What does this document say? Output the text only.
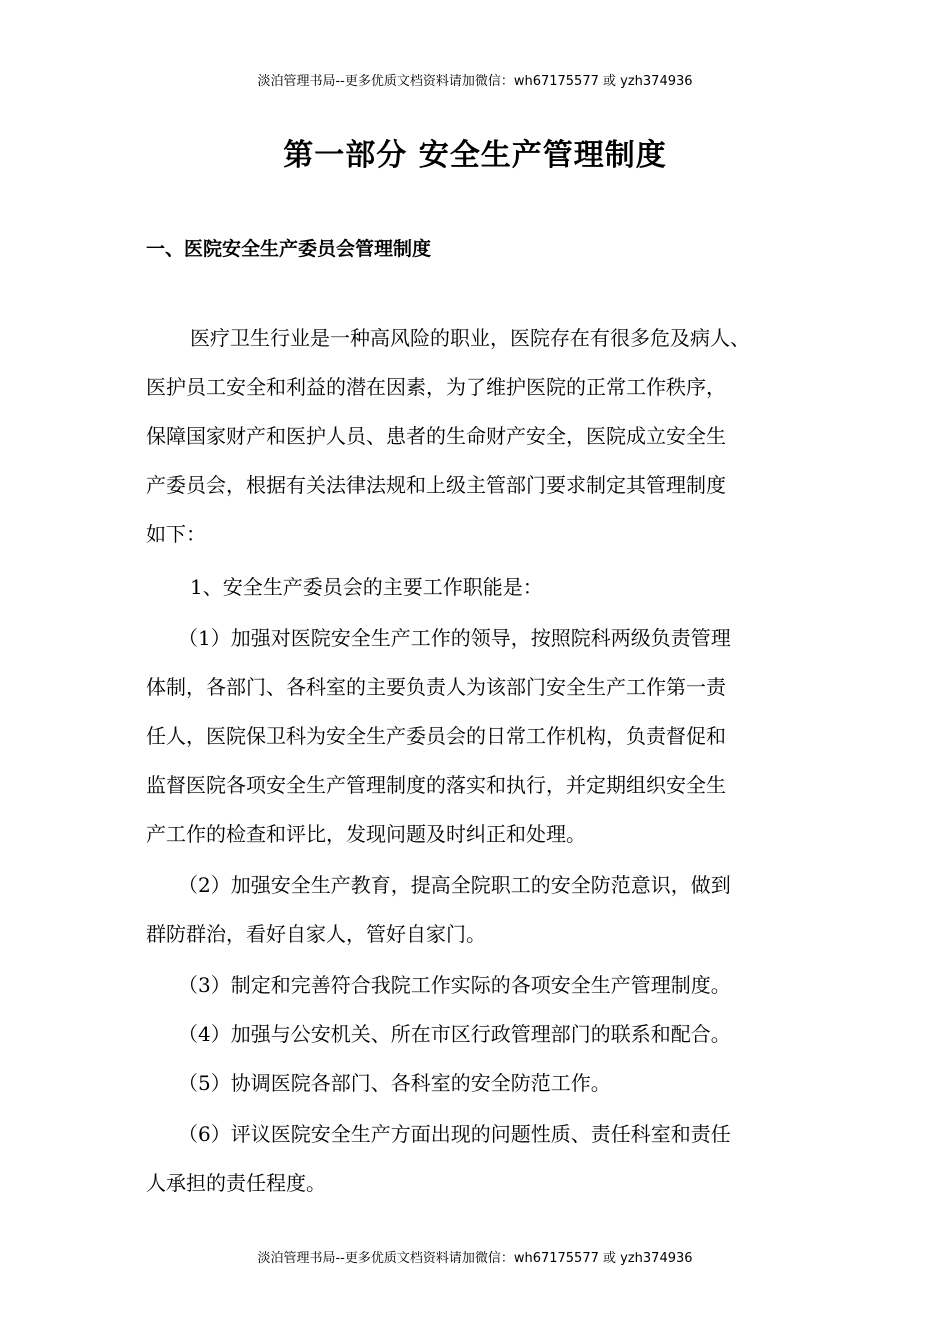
淡泊管理书局--更多优质文档资料请加微信：wh67175577 或 yzh374936
第一部分 安全生产管理制度
一、医院安全生产委员会管理制度
医疗卫生行业是一种高风险的职业，医院存在有很多危及病人、
医护员工安全和利益的潜在因素，为了维护医院的正常工作秩序，
保障国家财产和医护人员、患者的生命财产安全，医院成立安全生
产委员会，根据有关法律法规和上级主管部门要求制定其管理制度
如下：
1、安全生产委员会的主要工作职能是：
（1）加强对医院安全生产工作的领导，按照院科两级负责管理
体制，各部门、各科室的主要负责人为该部门安全生产工作第一责
任人，医院保卫科为安全生产委员会的日常工作机构，负责督促和
监督医院各项安全生产管理制度的落实和执行，并定期组织安全生
产工作的检查和评比，发现问题及时纠正和处理。
（2）加强安全生产教育，提高全院职工的安全防范意识，做到
群防群治，看好自家人，管好自家门。
（3）制定和完善符合我院工作实际的各项安全生产管理制度。
（4）加强与公安机关、所在市区行政管理部门的联系和配合。
（5）协调医院各部门、各科室的安全防范工作。
（6）评议医院安全生产方面出现的问题性质、责任科室和责任
人承担的责任程度。
淡泊管理书局--更多优质文档资料请加微信：wh67175577 或 yzh374936
